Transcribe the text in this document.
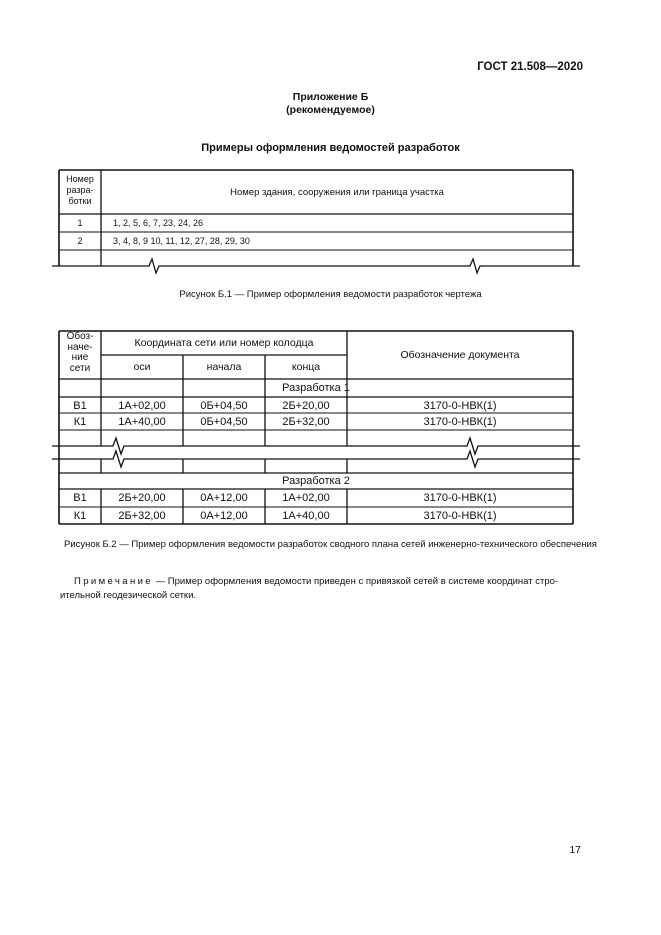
ГОСТ 21.508—2020
Приложение Б
(рекомендуемое)
Примеры оформления ведомостей разработок
Номер
разра-
ботки
Номер здания, сооружения или граница участка
1	1, 2, 5, 6, 7, 23, 24, 26
2	3, 4, 8, 9 10, 11, 12, 27, 28, 29, 30
Рисунок Б.1 — Пример оформления ведомости разработок чертежа
Обоз-
наче-
ние
сети
Координата сети или номер колодца
оси	начала	конца
Обозначение документа
Разработка 1
В1	1А+02,00	0Б+04,50	2Б+20,00	3170-0-НВК(1)
К1	1А+40,00	0Б+04,50	2Б+32,00	3170-0-НВК(1)
Разработка 2
В1	2Б+20,00	0А+12,00	1А+02,00	3170-0-НВК(1)
К1	2Б+32,00	0А+12,00	1А+40,00	3170-0-НВК(1)
Рисунок Б.2 — Пример оформления ведомости разработок сводного плана сетей инженерно-технического обеспечения
Примечание — Пример оформления ведомости приведен с привязкой сетей в системе координат стро-ительной геодезической сетки.
17
